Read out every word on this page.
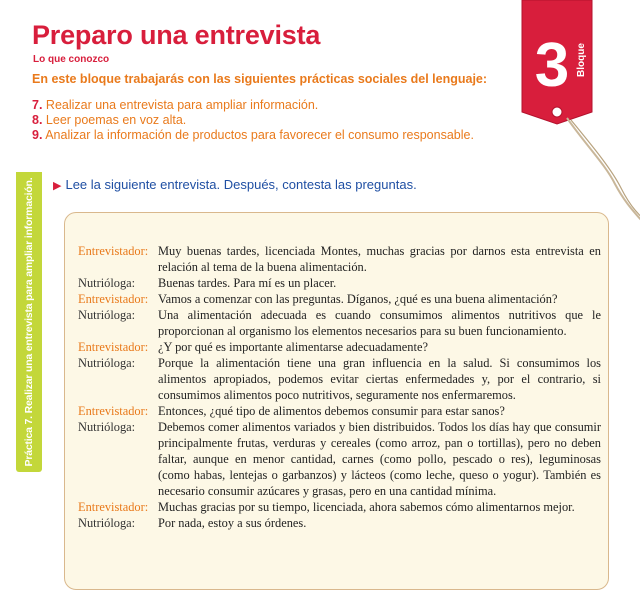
Preparo una entrevista
Lo que conozco
En este bloque trabajarás con las siguientes prácticas sociales del lenguaje:
7. Realizar una entrevista para ampliar información.
8. Leer poemas en voz alta.
9. Analizar la información de productos para favorecer el consumo responsable.
3 Bloque
Práctica 7. Realizar una entrevista para ampliar información. ▶ Lee la siguiente entrevista. Después, contesta las preguntas.
Entrevistador: Muy buenas tardes, licenciada Montes, muchas gracias por darnos esta entrevista en relación al tema de la buena alimentación.
Nutrióloga:	Buenas tardes. Para mí es un placer.
Entrevistador: Vamos a comenzar con las preguntas. Díganos, ¿qué es una buena alimentación?
Nutrióloga:	Una alimentación adecuada es cuando consumimos alimentos nutritivos que le proporcionan al organismo los elementos necesarios para su buen funcionamiento.
Entrevistador: ¿Y por qué es importante alimentarse adecuadamente?
Nutrióloga:	Porque la alimentación tiene una gran influencia en la salud. Si consumimos los alimentos apropiados, podemos evitar ciertas enfermedades y, por el contrario, si consumimos alimentos poco nutritivos, seguramente nos enfermaremos.
Entrevistador: Entonces, ¿qué tipo de alimentos debemos consumir para estar sanos?
Nutrióloga:	Debemos comer alimentos variados y bien distribuidos. Todos los días hay que consumir principalmente frutas, verduras y cereales (como arroz, pan o tortillas), pero no deben faltar, aunque en menor cantidad, carnes (como pollo, pescado o res), leguminosas (como habas, lentejas o garbanzos) y lácteos (como leche, queso o yogur). También es necesario consumir azúcares y grasas, pero en una cantidad mínima.
Entrevistador: Muchas gracias por su tiempo, licenciada, ahora sabemos cómo alimentarnos mejor.
Nutrióloga:	Por nada, estoy a sus órdenes.
